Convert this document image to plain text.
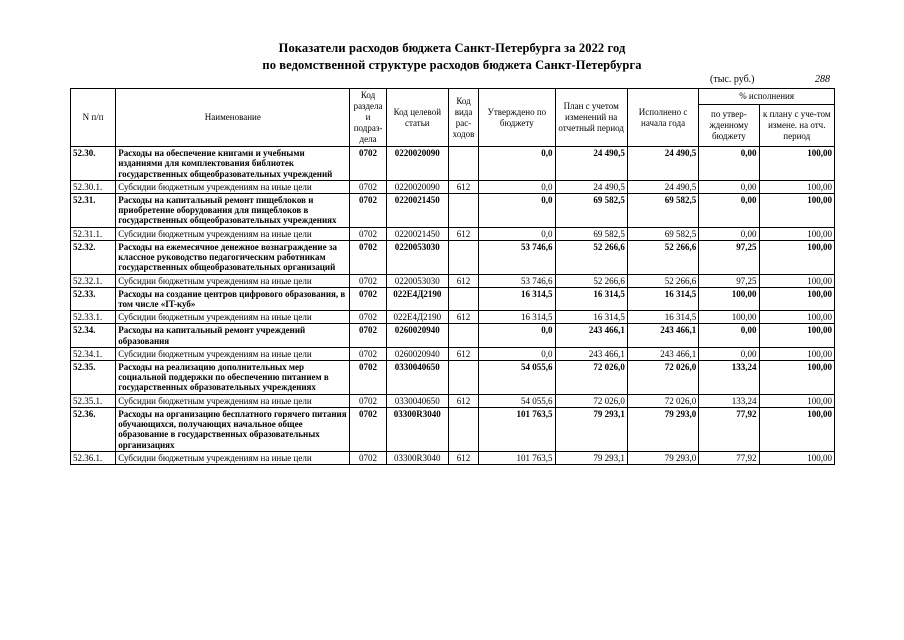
Показатели расходов бюджета Санкт-Петербурга за 2022 год
по ведомственной структуре расходов бюджета Санкт-Петербурга
(тыс. руб.)	288
N п/п	Наименование	Код раздела и подраз-дела	Код целевой статьи	Код вида рас-ходов	Утверждено по бюджету	План с учетом изменений на отчетный период	Исполнено с начала года	% исполнения	
								по утвер-жденному бюджету	к плану с уче-том измене. на отч. период
52.30.	Расходы на обеспечение книгами и учебными изданиями для комплектования библиотек государственных общеобразовательных учреждений	0702	0220020090		0,0	24 490,5	24 490,5	0,00	100,00
52.30.1.	Субсидии бюджетным учреждениям на иные цели	0702	0220020090	612	0,0	24 490,5	24 490,5	0,00	100,00
52.31.	Расходы на капитальный ремонт пищеблоков и приобретение оборудования для пищеблоков в государственных общеобразовательных учреждениях	0702	0220021450		0,0	69 582,5	69 582,5	0,00	100,00
52.31.1.	Субсидии бюджетным учреждениям на иные цели	0702	0220021450	612	0,0	69 582,5	69 582,5	0,00	100,00
52.32.	Расходы на ежемесячное денежное вознаграждение за классное руководство педагогическим работникам государственных общеобразовательных организаций	0702	0220053030		53 746,6	52 266,6	52 266,6	97,25	100,00
52.32.1.	Субсидии бюджетным учреждениям на иные цели	0702	0220053030	612	53 746,6	52 266,6	52 266,6	97,25	100,00
52.33.	Расходы на создание центров цифрового образования, в том числе «IT-куб»	0702	022Е4Д2190		16 314,5	16 314,5	16 314,5	100,00	100,00
52.33.1.	Субсидии бюджетным учреждениям на иные цели	0702	022Е4Д2190	612	16 314,5	16 314,5	16 314,5	100,00	100,00
52.34.	Расходы на капитальный ремонт учреждений образования	0702	0260020940		0,0	243 466,1	243 466,1	0,00	100,00
52.34.1.	Субсидии бюджетным учреждениям на иные цели	0702	0260020940	612	0,0	243 466,1	243 466,1	0,00	100,00
52.35.	Расходы на реализацию дополнительных мер социальной поддержки по обеспечению питанием в государственных образовательных учреждениях	0702	0330040650		54 055,6	72 026,0	72 026,0	133,24	100,00
52.35.1.	Субсидии бюджетным учреждениям на иные цели	0702	0330040650	612	54 055,6	72 026,0	72 026,0	133,24	100,00
52.36.	Расходы на организацию бесплатного горячего питания обучающихся, получающих начальное общее образование в государственных образовательных организациях	0702	03300R3040		101 763,5	79 293,1	79 293,0	77,92	100,00
52.36.1.	Субсидии бюджетным учреждениям на иные цели	0702	03300R3040	612	101 763,5	79 293,1	79 293,0	77,92	100,00
